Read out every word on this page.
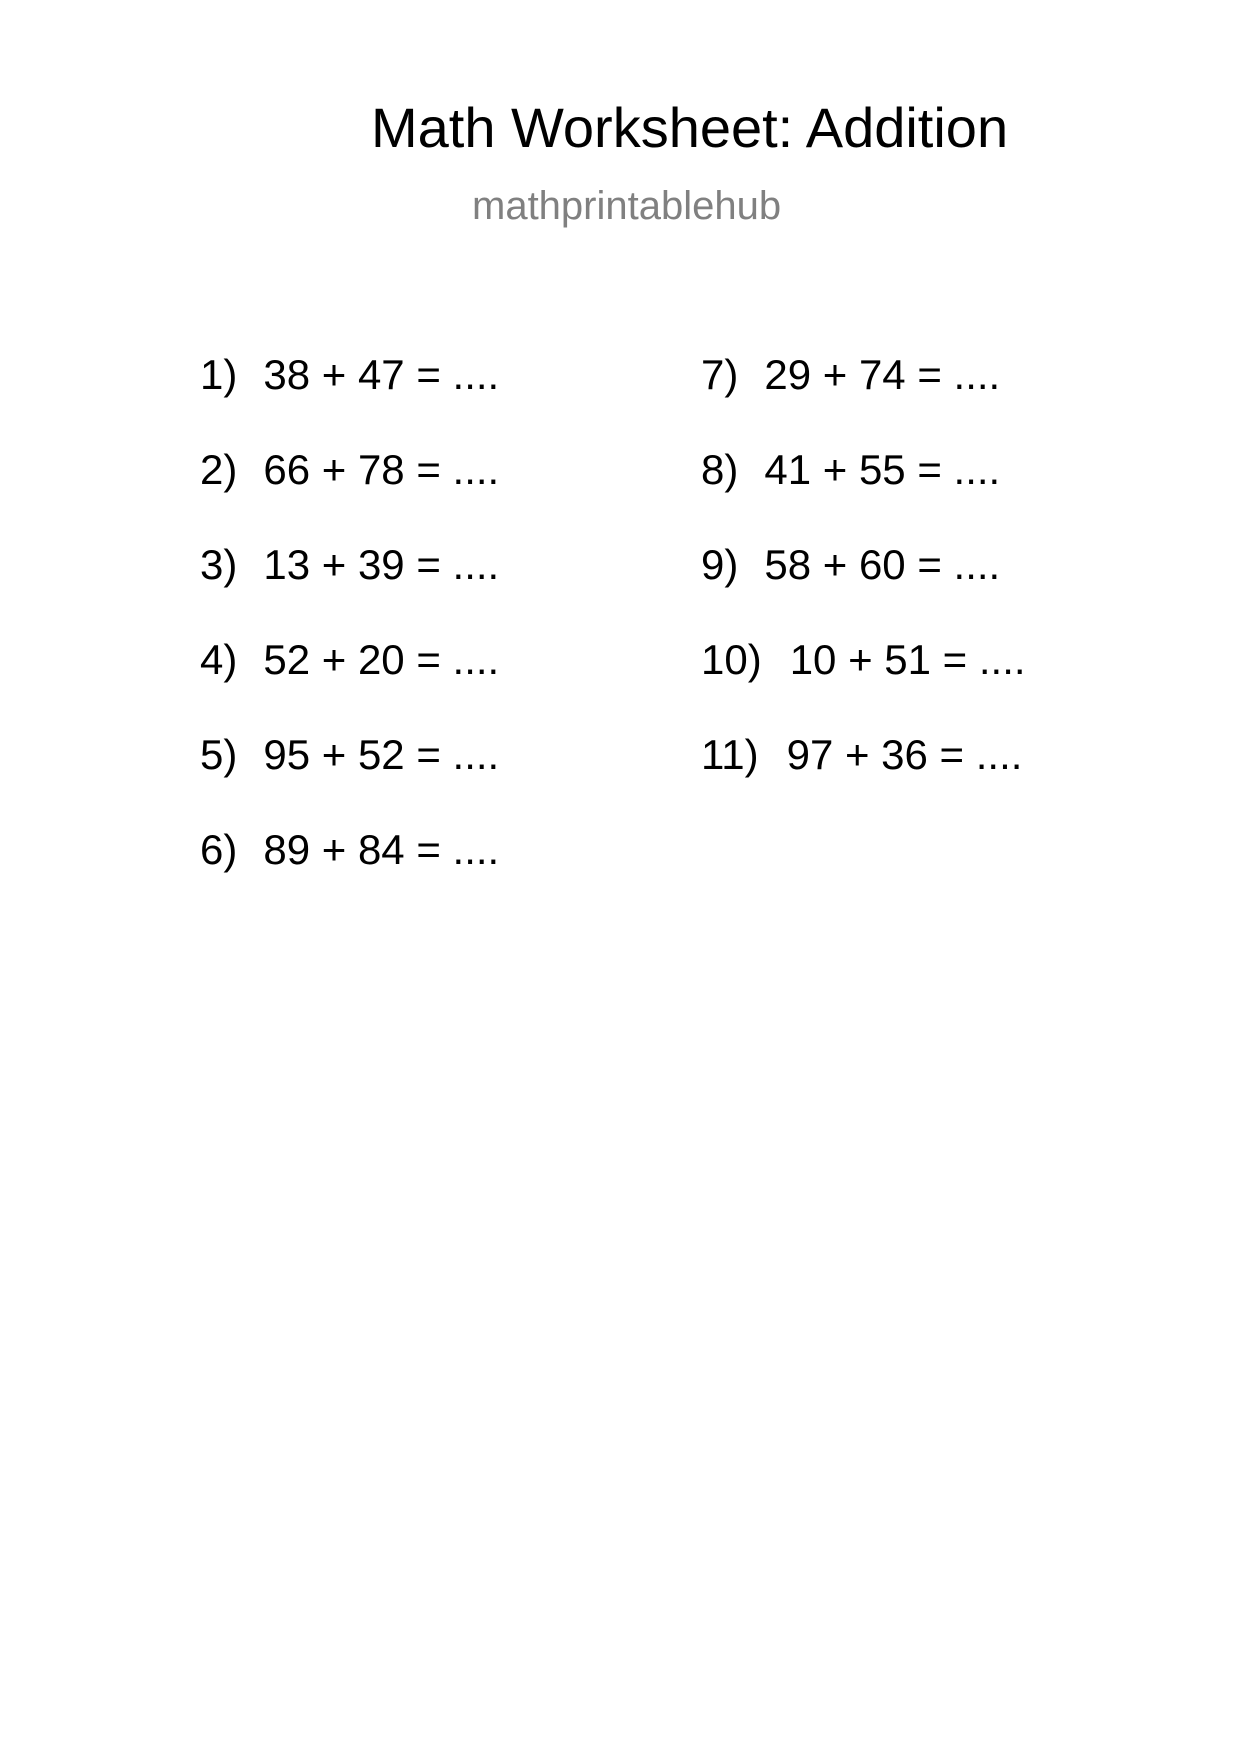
Math Worksheet: Addition
mathprintablehub
1) 38 + 47 = ....
2) 66 + 78 = ....
3) 13 + 39 = ....
4) 52 + 20 = ....
5) 95 + 52 = ....
6) 89 + 84 = ....
7) 29 + 74 = ....
8) 41 + 55 = ....
9) 58 + 60 = ....
10) 10 + 51 = ....
11) 97 + 36 = ....
